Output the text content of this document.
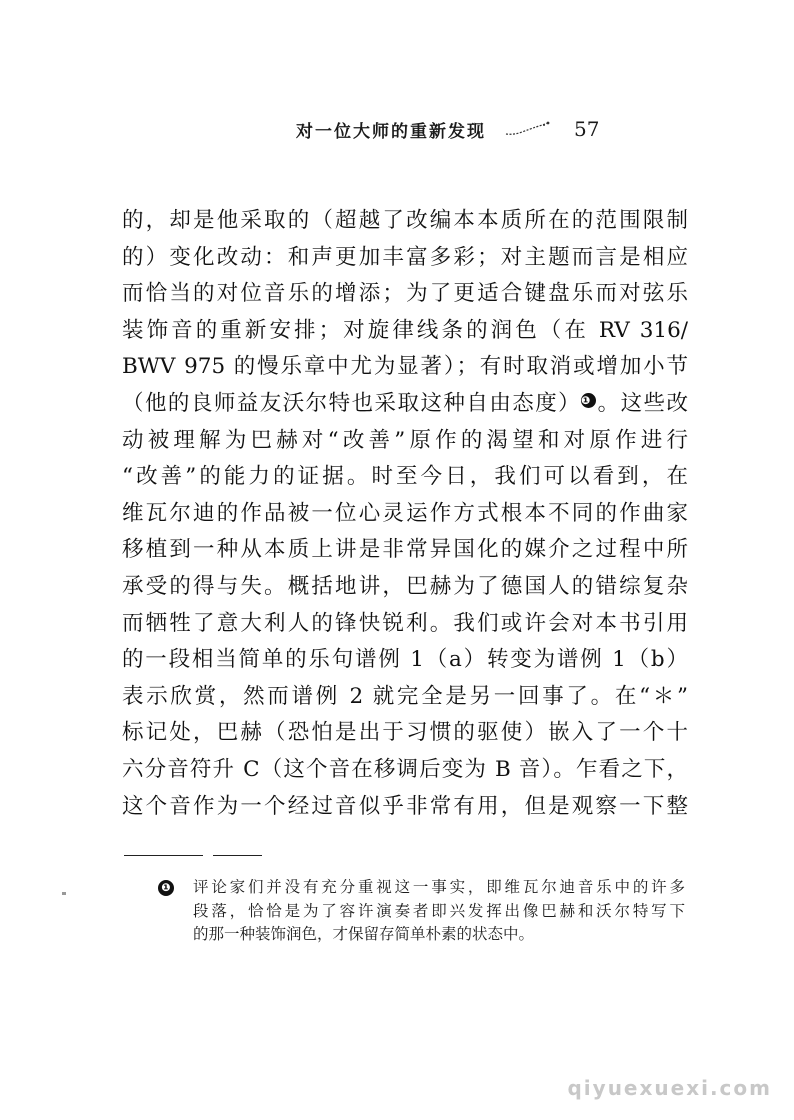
对一位大师的重新发现	57
的，却是他采取的（超越了改编本本质所在的范围限制
的）变化改动：和声更加丰富多彩；对主题而言是相应
而恰当的对位音乐的增添；为了更适合键盘乐而对弦乐
装饰音的重新安排；对旋律线条的润色（在 RV 316/
BWV 975 的慢乐章中尤为显著）；有时取消或增加小节
（他的良师益友沃尔特也采取这种自由态度）❶ 。这些改
动被理解为巴赫对“改善”原作的渴望和对原作进行
“改善”的能力的证据。时至今日，我们可以看到，在
维瓦尔迪的作品被一位心灵运作方式根本不同的作曲家
移植到一种从本质上讲是非常异国化的媒介之过程中所
承受的得与失。概括地讲，巴赫为了德国人的错综复杂
而牺牲了意大利人的锋快锐利。我们或许会对本书引用
的一段相当简单的乐句谱例 1（a）转变为谱例 1（b）
表示欣赏，然而谱例 2 就完全是另一回事了。在“＊”
标记处，巴赫（恐怕是出于习惯的驱使）嵌入了一个十
六分音符升 C（这个音在移调后变为 B 音）。乍看之下，
这个音作为一个经过音似乎非常有用，但是观察一下整
❶	评论家们并没有充分重视这一事实，即维瓦尔迪音乐中的许多
段落，恰恰是为了容许演奏者即兴发挥出像巴赫和沃尔特写下
的那一种装饰润色，才保留存简单朴素的状态中。
qiyuexuexi.com
